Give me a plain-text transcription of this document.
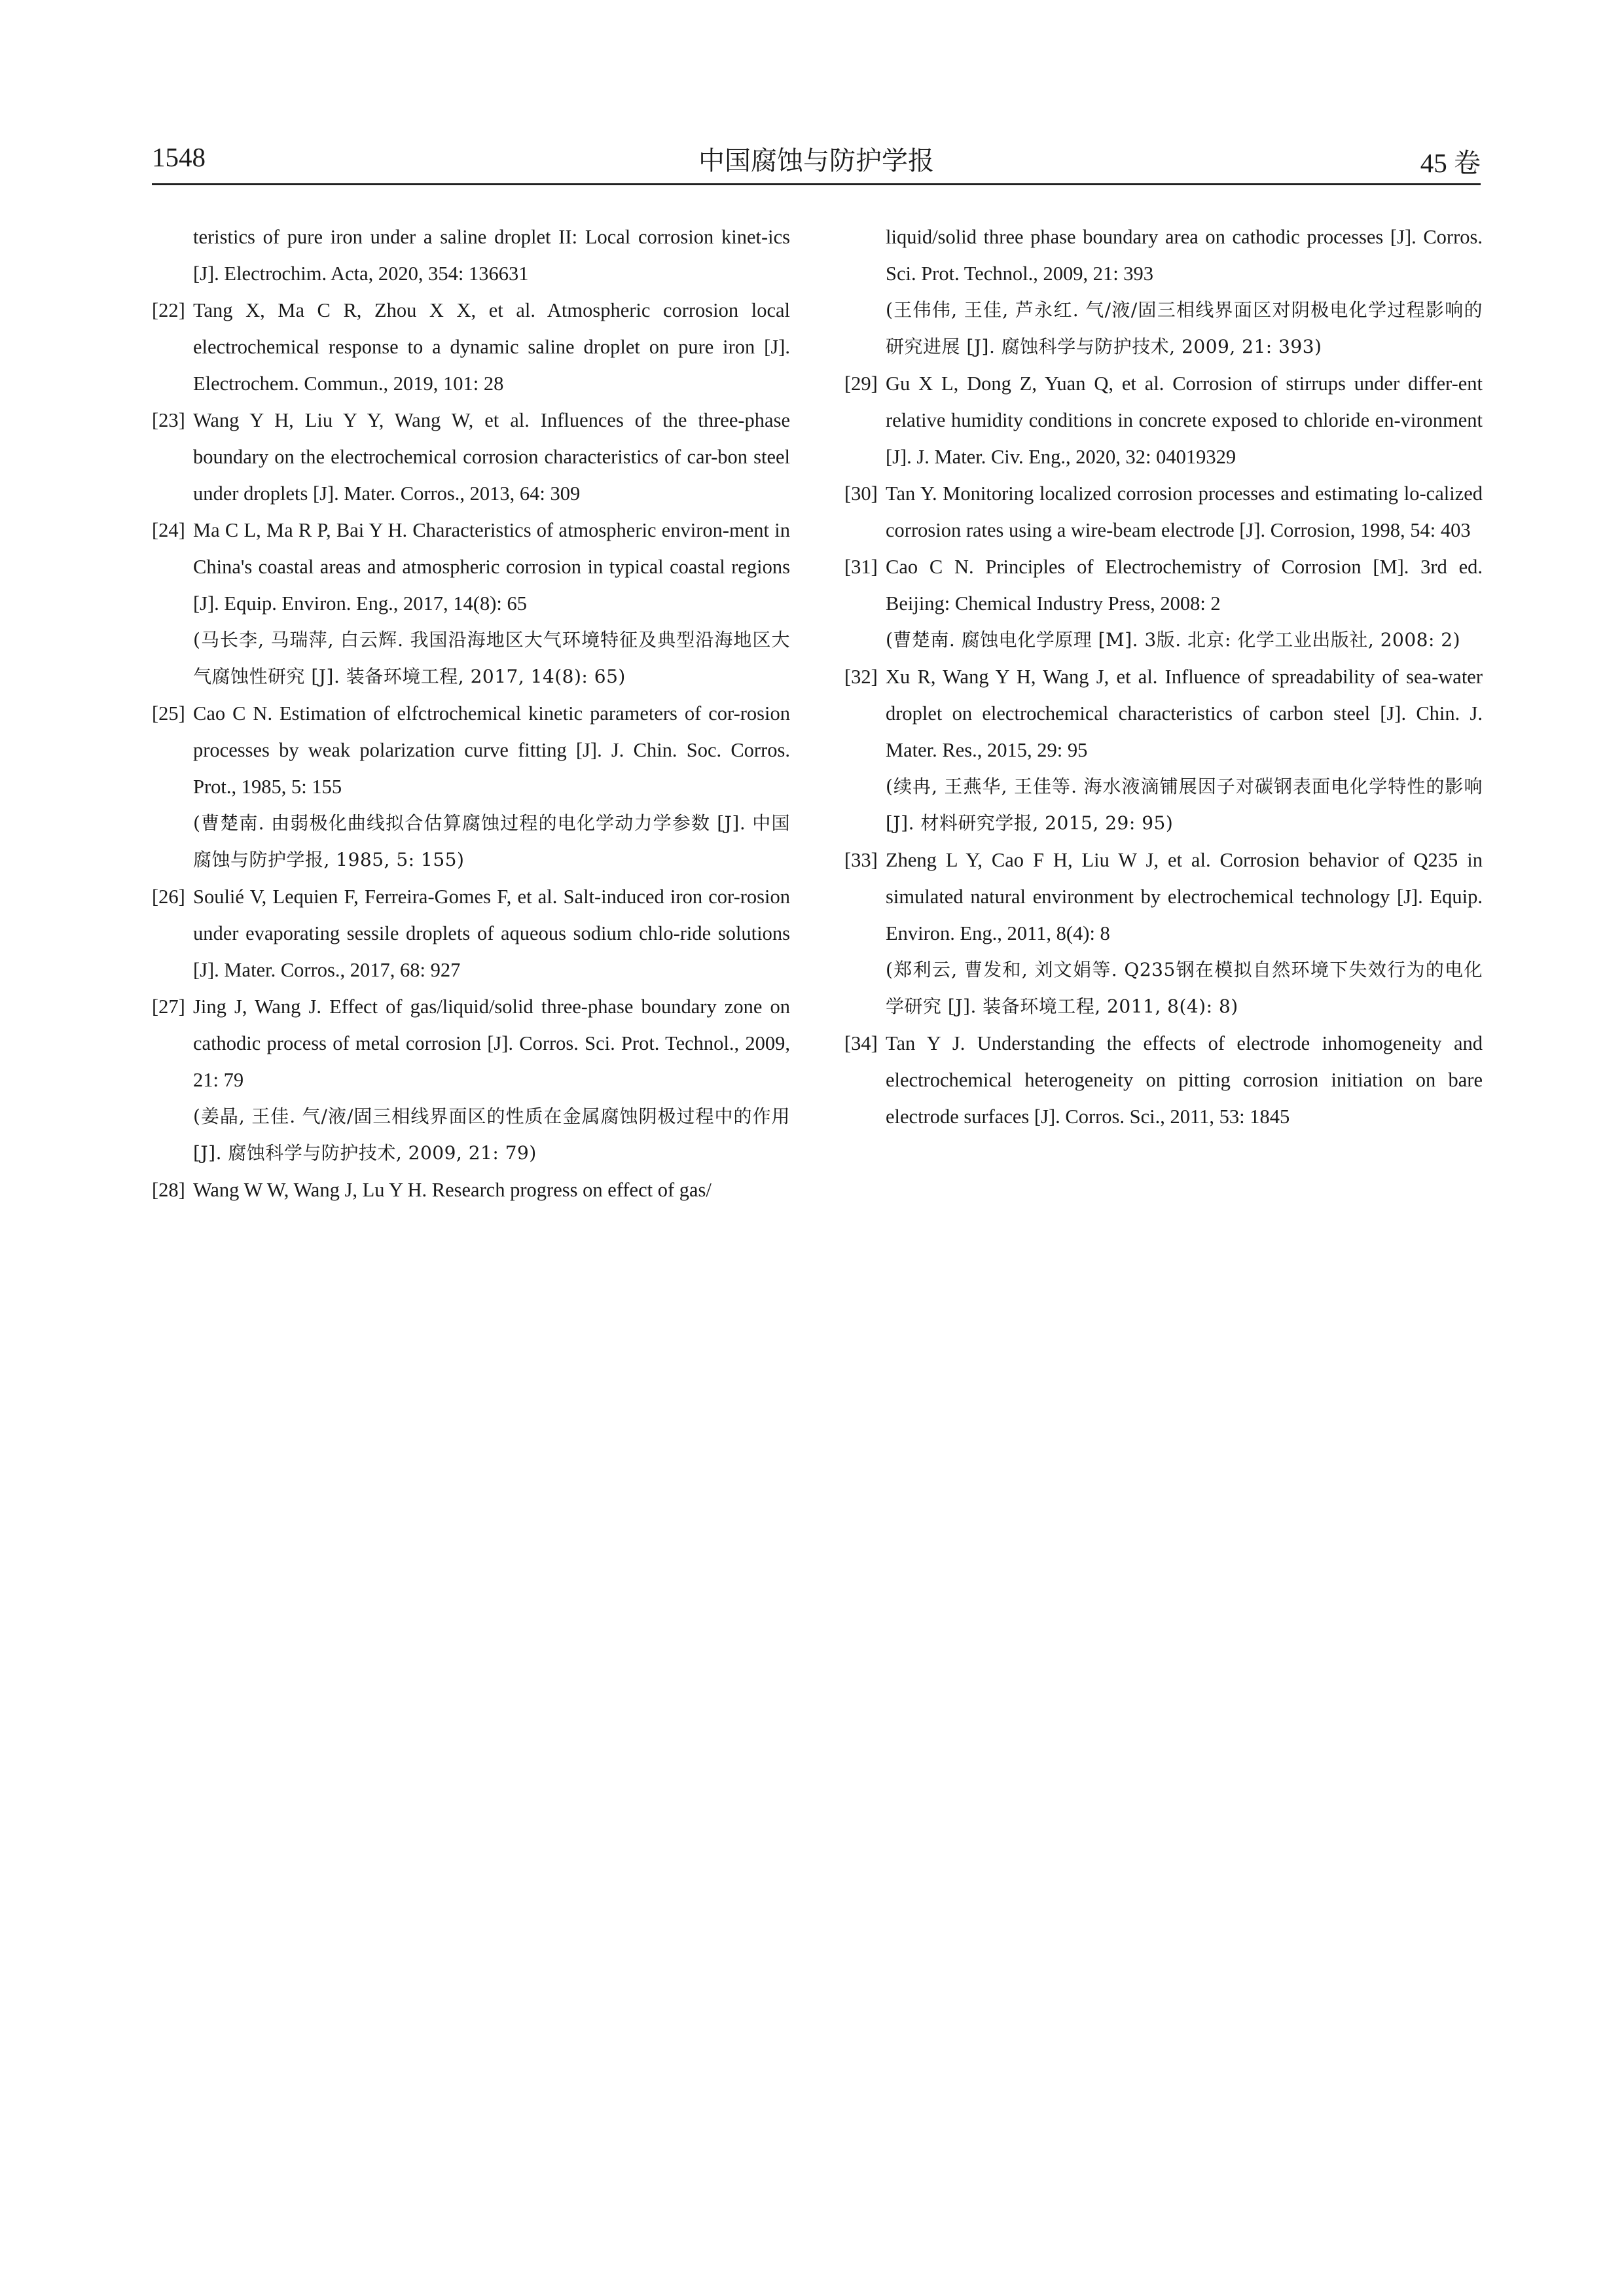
1548	中国腐蚀与防护学报	45 卷
teristics of pure iron under a saline droplet II: Local corrosion kinet-ics [J]. Electrochim. Acta, 2020, 354: 136631
[22] Tang X, Ma C R, Zhou X X, et al. Atmospheric corrosion local electrochemical response to a dynamic saline droplet on pure iron [J]. Electrochem. Commun., 2019, 101: 28
[23] Wang Y H, Liu Y Y, Wang W, et al. Influences of the three-phase boundary on the electrochemical corrosion characteristics of car-bon steel under droplets [J]. Mater. Corros., 2013, 64: 309
[24] Ma C L, Ma R P, Bai Y H. Characteristics of atmospheric environ-ment in China's coastal areas and atmospheric corrosion in typical coastal regions [J]. Equip. Environ. Eng., 2017, 14(8): 65
(马长李, 马瑞萍, 白云辉. 我国沿海地区大气环境特征及典型沿海地区大气腐蚀性研究 [J]. 装备环境工程, 2017, 14(8): 65)
[25] Cao C N. Estimation of elfctrochemical kinetic parameters of cor-rosion processes by weak polarization curve fitting [J]. J. Chin. Soc. Corros. Prot., 1985, 5: 155
(曹楚南. 由弱极化曲线拟合估算腐蚀过程的电化学动力学参数 [J]. 中国腐蚀与防护学报, 1985, 5: 155)
[26] Soulié V, Lequien F, Ferreira-Gomes F, et al. Salt-induced iron cor-rosion under evaporating sessile droplets of aqueous sodium chlo-ride solutions [J]. Mater. Corros., 2017, 68: 927
[27] Jing J, Wang J. Effect of gas/liquid/solid three-phase boundary zone on cathodic process of metal corrosion [J]. Corros. Sci. Prot. Technol., 2009, 21: 79
(姜晶, 王佳. 气/液/固三相线界面区的性质在金属腐蚀阴极过程中的作用 [J]. 腐蚀科学与防护技术, 2009, 21: 79)
[28] Wang W W, Wang J, Lu Y H. Research progress on effect of gas/
liquid/solid three phase boundary area on cathodic processes [J]. Corros. Sci. Prot. Technol., 2009, 21: 393
(王伟伟, 王佳, 芦永红. 气/液/固三相线界面区对阴极电化学过程影响的研究进展 [J]. 腐蚀科学与防护技术, 2009, 21: 393)
[29] Gu X L, Dong Z, Yuan Q, et al. Corrosion of stirrups under differ-ent relative humidity conditions in concrete exposed to chloride en-vironment [J]. J. Mater. Civ. Eng., 2020, 32: 04019329
[30] Tan Y. Monitoring localized corrosion processes and estimating lo-calized corrosion rates using a wire-beam electrode [J]. Corrosion, 1998, 54: 403
[31] Cao C N. Principles of Electrochemistry of Corrosion [M]. 3rd ed. Beijing: Chemical Industry Press, 2008: 2
(曹楚南. 腐蚀电化学原理 [M]. 3版. 北京: 化学工业出版社, 2008: 2)
[32] Xu R, Wang Y H, Wang J, et al. Influence of spreadability of sea-water droplet on electrochemical characteristics of carbon steel [J]. Chin. J. Mater. Res., 2015, 29: 95
(续冉, 王燕华, 王佳等. 海水液滴铺展因子对碳钢表面电化学特性的影响 [J]. 材料研究学报, 2015, 29: 95)
[33] Zheng L Y, Cao F H, Liu W J, et al. Corrosion behavior of Q235 in simulated natural environment by electrochemical technology [J]. Equip. Environ. Eng., 2011, 8(4): 8
(郑利云, 曹发和, 刘文娟等. Q235钢在模拟自然环境下失效行为的电化学研究 [J]. 装备环境工程, 2011, 8(4): 8)
[34] Tan Y J. Understanding the effects of electrode inhomogeneity and electrochemical heterogeneity on pitting corrosion initiation on bare electrode surfaces [J]. Corros. Sci., 2011, 53: 1845
